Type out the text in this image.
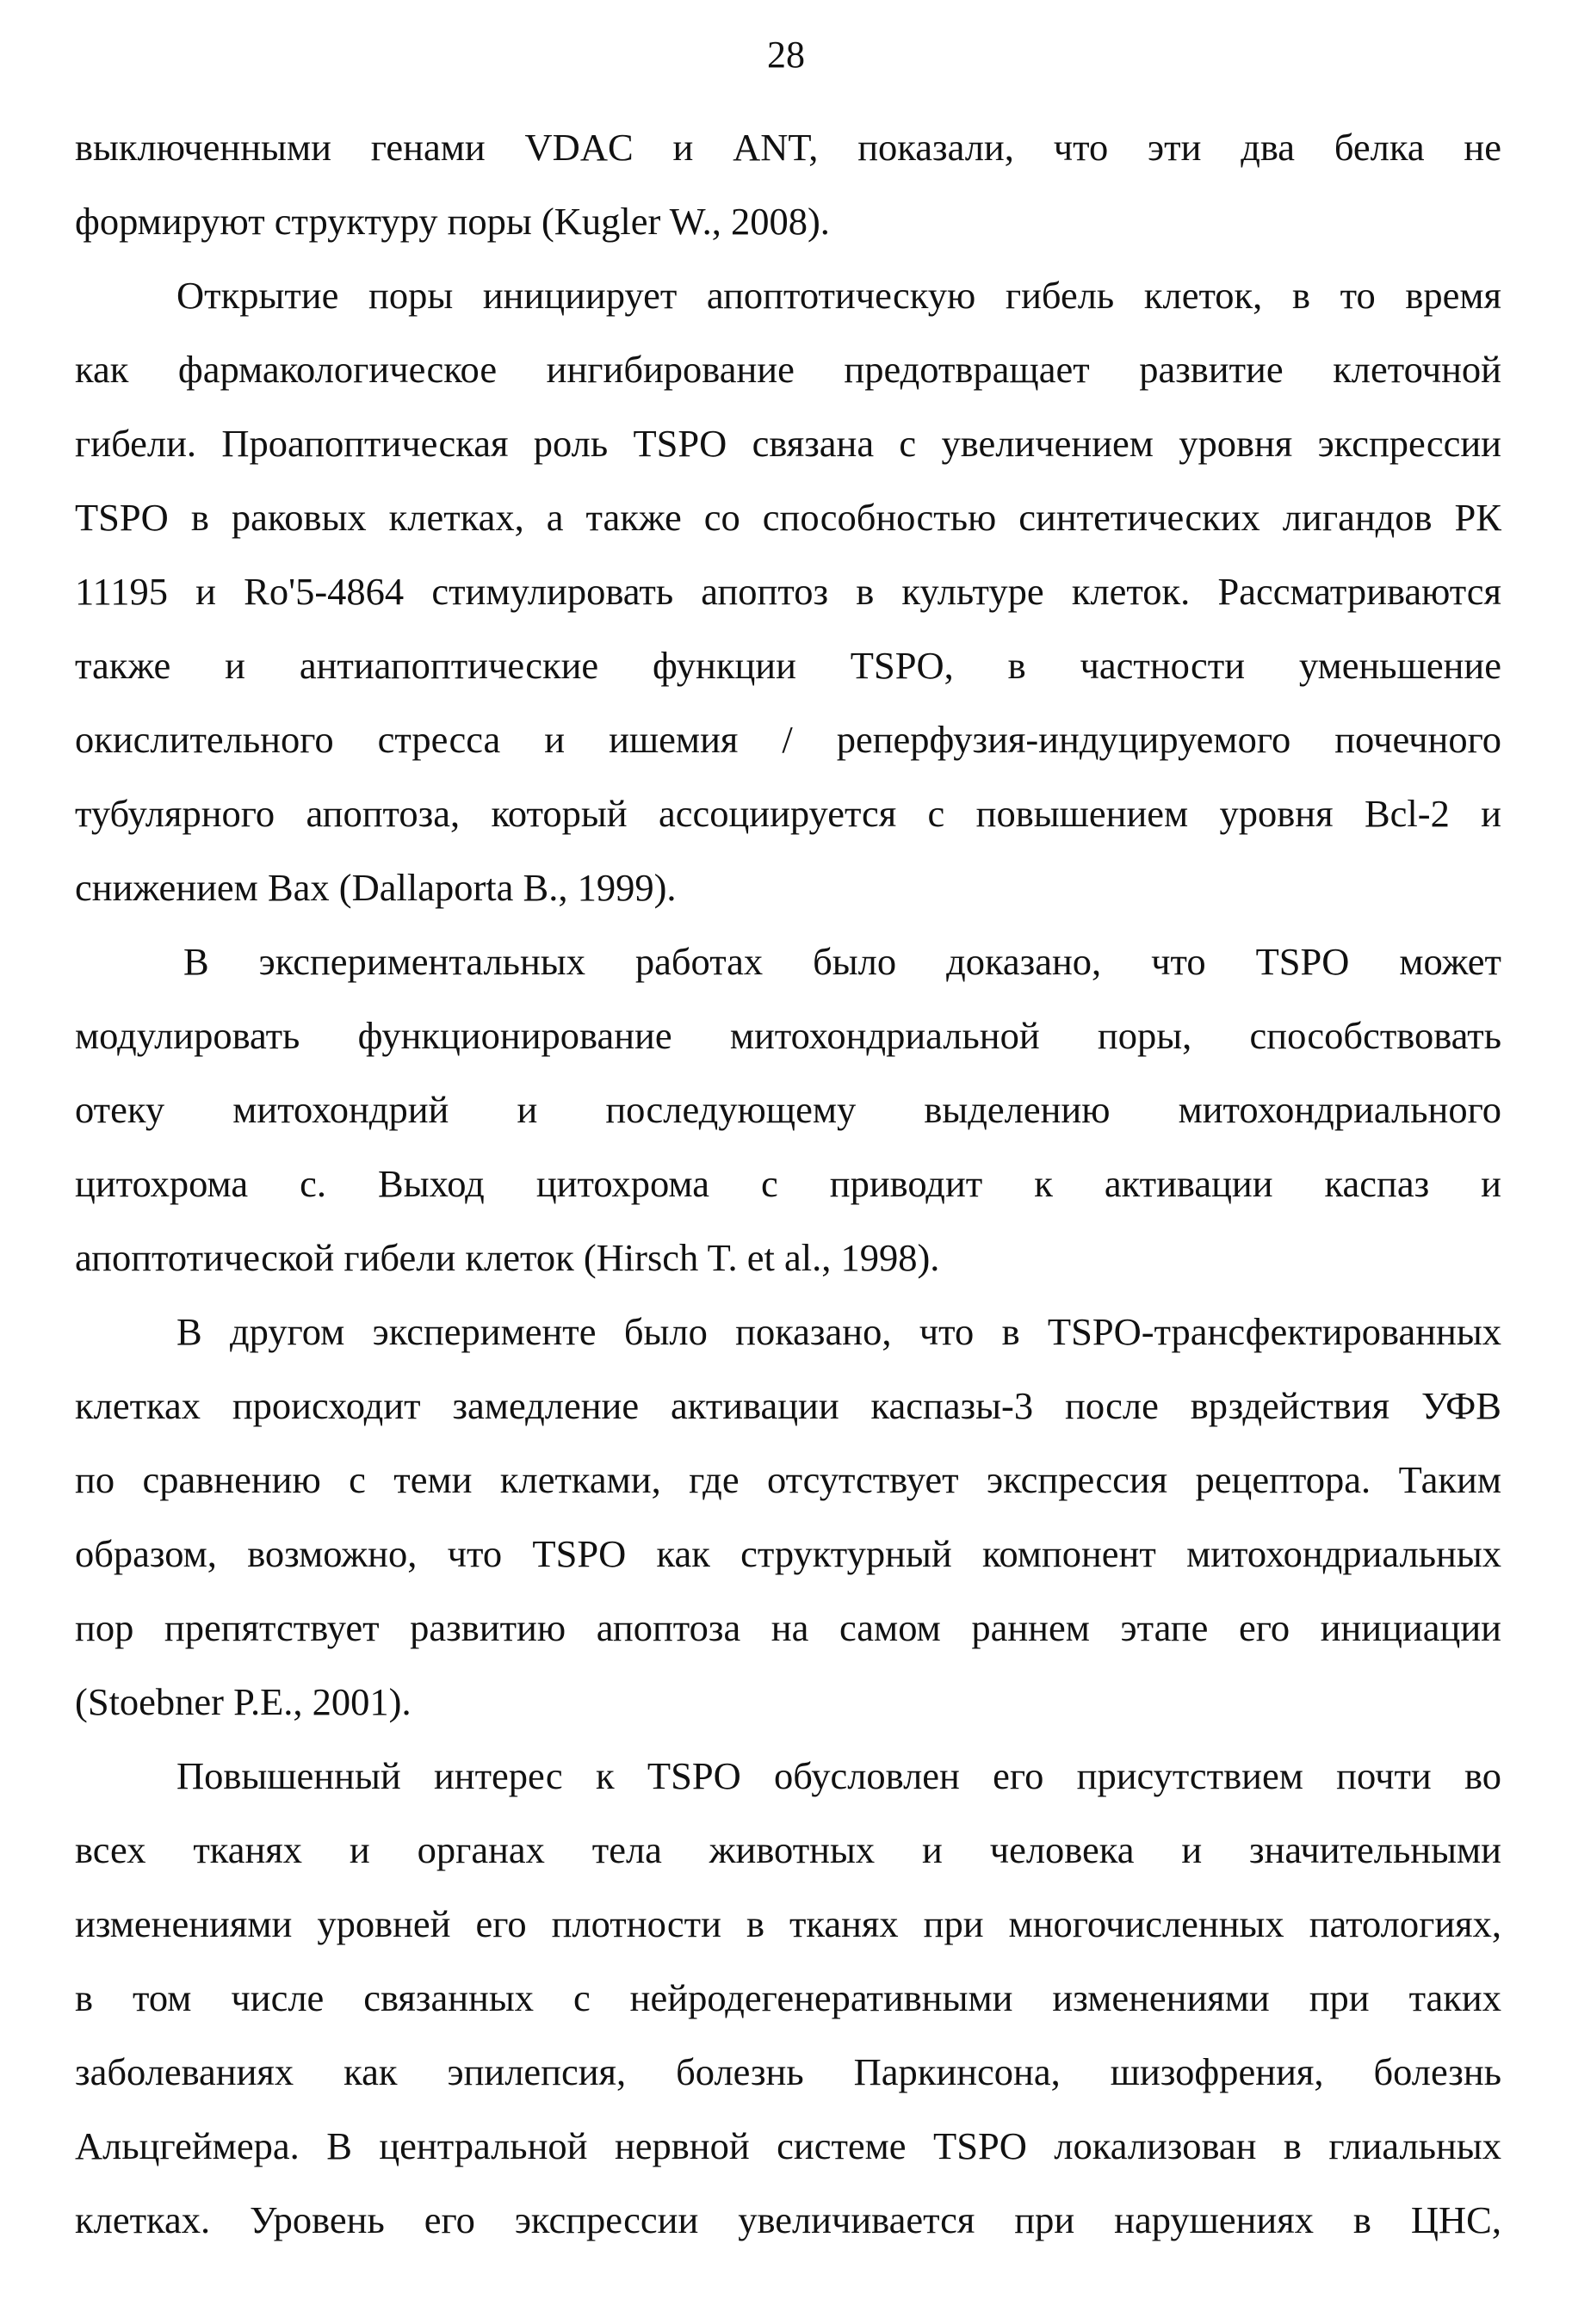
28
выключенными генами VDAC и ANT, показали, что эти два белка не
формируют структуру поры (Kugler W., 2008).
Открытие поры инициирует апоптотическую гибель клеток, в то время
как фармакологическое ингибирование предотвращает развитие клеточной
гибели. Проапоптическая роль TSPO связана с увеличением уровня экспрессии
TSPO в раковых клетках, а также со способностью синтетических лигандов РК
11195 и Ro'5-4864 стимулировать апоптоз в культуре клеток. Рассматриваются
также и антиапоптические функции TSPO, в частности уменьшение
окислительного стресса и ишемия / реперфузия-индуцируемого почечного
тубулярного апоптоза, который ассоциируется с повышением уровня Bcl-2 и
снижением Bax (Dallaporta B., 1999).
В экспериментальных работах было доказано, что TSPO может
модулировать функционирование митохондриальной поры, способствовать
отеку митохондрий и последующему выделению митохондриального
цитохрома с. Выход цитохрома с приводит к активации каспаз и
апоптотической гибели клеток (Hirsch T. et al., 1998).
В другом эксперименте было показано, что в TSPO-трансфектированных
клетках происходит замедление активации каспазы-3 после врздействия УФВ
по сравнению с теми клетками, где отсутствует экспрессия рецептора. Таким
образом, возможно, что TSPO как структурный компонент митохондриальных
пор препятствует развитию апоптоза на самом раннем этапе его инициации
(Stoebner P.E., 2001).
Повышенный интерес к TSPO обусловлен его присутствием почти во
всех тканях и органах тела животных и человека и значительными
изменениями уровней его плотности в тканях при многочисленных патологиях,
в том числе связанных с нейродегенеративными изменениями при таких
заболеваниях как эпилепсия, болезнь Паркинсона, шизофрения, болезнь
Альцгеймера. В центральной нервной системе TSPO локализован в глиальных
клетках. Уровень его экспрессии увеличивается при нарушениях в ЦНС,
